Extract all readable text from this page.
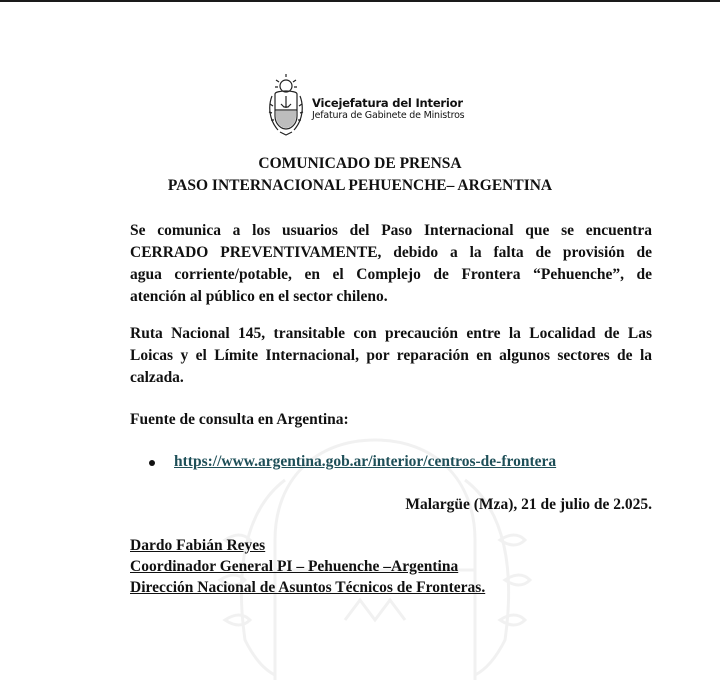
Vicejefatura del Interior
Jefatura de Gabinete de Ministros
COMUNICADO DE PRENSA
PASO INTERNACIONAL PEHUENCHE– ARGENTINA
Se comunica a los usuarios del Paso Internacional que se encuentra
CERRADO PREVENTIVAMENTE, debido a la falta de provisión de
agua corriente/potable, en el Complejo de Frontera “Pehuenche”, de
atención al público en el sector chileno.
Ruta Nacional 145, transitable con precaución entre la Localidad de Las
Loicas y el Límite Internacional, por reparación en algunos sectores de la
calzada.
Fuente de consulta en Argentina:
https://www.argentina.gob.ar/interior/centros-de-frontera
Malargüe (Mza), 21 de julio de 2.025.
Dardo Fabián Reyes
Coordinador General PI – Pehuenche –Argentina
Dirección Nacional de Asuntos Técnicos de Fronteras.
